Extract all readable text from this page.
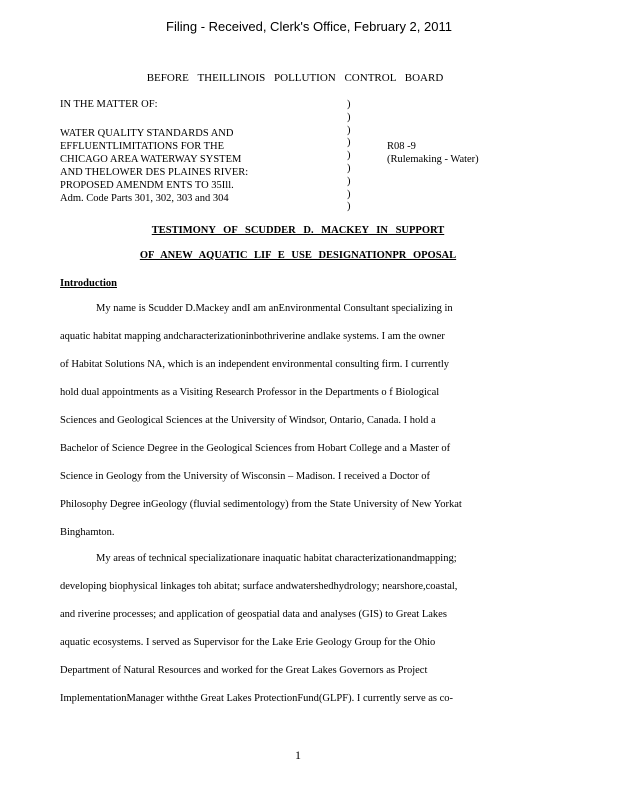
Filing - Received, Clerk's Office, February 2, 2011
BEFORE THEILLINOIS POLLUTION CONTROL BOARD
IN THE MATTER OF:
WATER QUALITY STANDARDS AND
EFFLUENTLIMITATIONS FOR THE
CHICAGO AREA WATERWAY SYSTEM
AND THELOWER DES PLAINES RIVER:
PROPOSED AMENDM ENTS TO 35Ill.
Adm. Code Parts 301, 302, 303 and 304
)
)
)
)
)
)
)
)
)
R08 -9
(Rulemaking - Water)
TESTIMONY OF SCUDDER D. MACKEY IN SUPPORT
OF ANEW AQUATIC LIF E USE DESIGNATIONPR OPOSAL
Introduction
My name is Scudder D.Mackey andI am anEnvironmental Consultant specializing in
aquatic habitat mapping andcharacterizationinbothriverine andlake systems. I am the owner
of Habitat Solutions NA, which is an independent environmental consulting firm. I currently
hold dual appointments as a Visiting Research Professor in the Departments o f Biological
Sciences and Geological Sciences at the University of Windsor, Ontario, Canada. I hold a
Bachelor of Science Degree in the Geological Sciences from Hobart College and a Master of
Science in Geology from the University of Wisconsin – Madison. I received a Doctor of
Philosophy Degree inGeology (fluvial sedimentology) from the State University of New Yorkat
Binghamton.
My areas of technical specializationare inaquatic habitat characterizationandmapping;
developing biophysical linkages toh abitat; surface andwatershedhydrology; nearshore,coastal,
and riverine processes; and application of geospatial data and analyses (GIS) to Great Lakes
aquatic ecosystems. I served as Supervisor for the Lake Erie Geology Group for the Ohio
Department of Natural Resources and worked for the Great Lakes Governors as Project
ImplementationManager withthe Great Lakes ProtectionFund(GLPF). I currently serve as co-
1
